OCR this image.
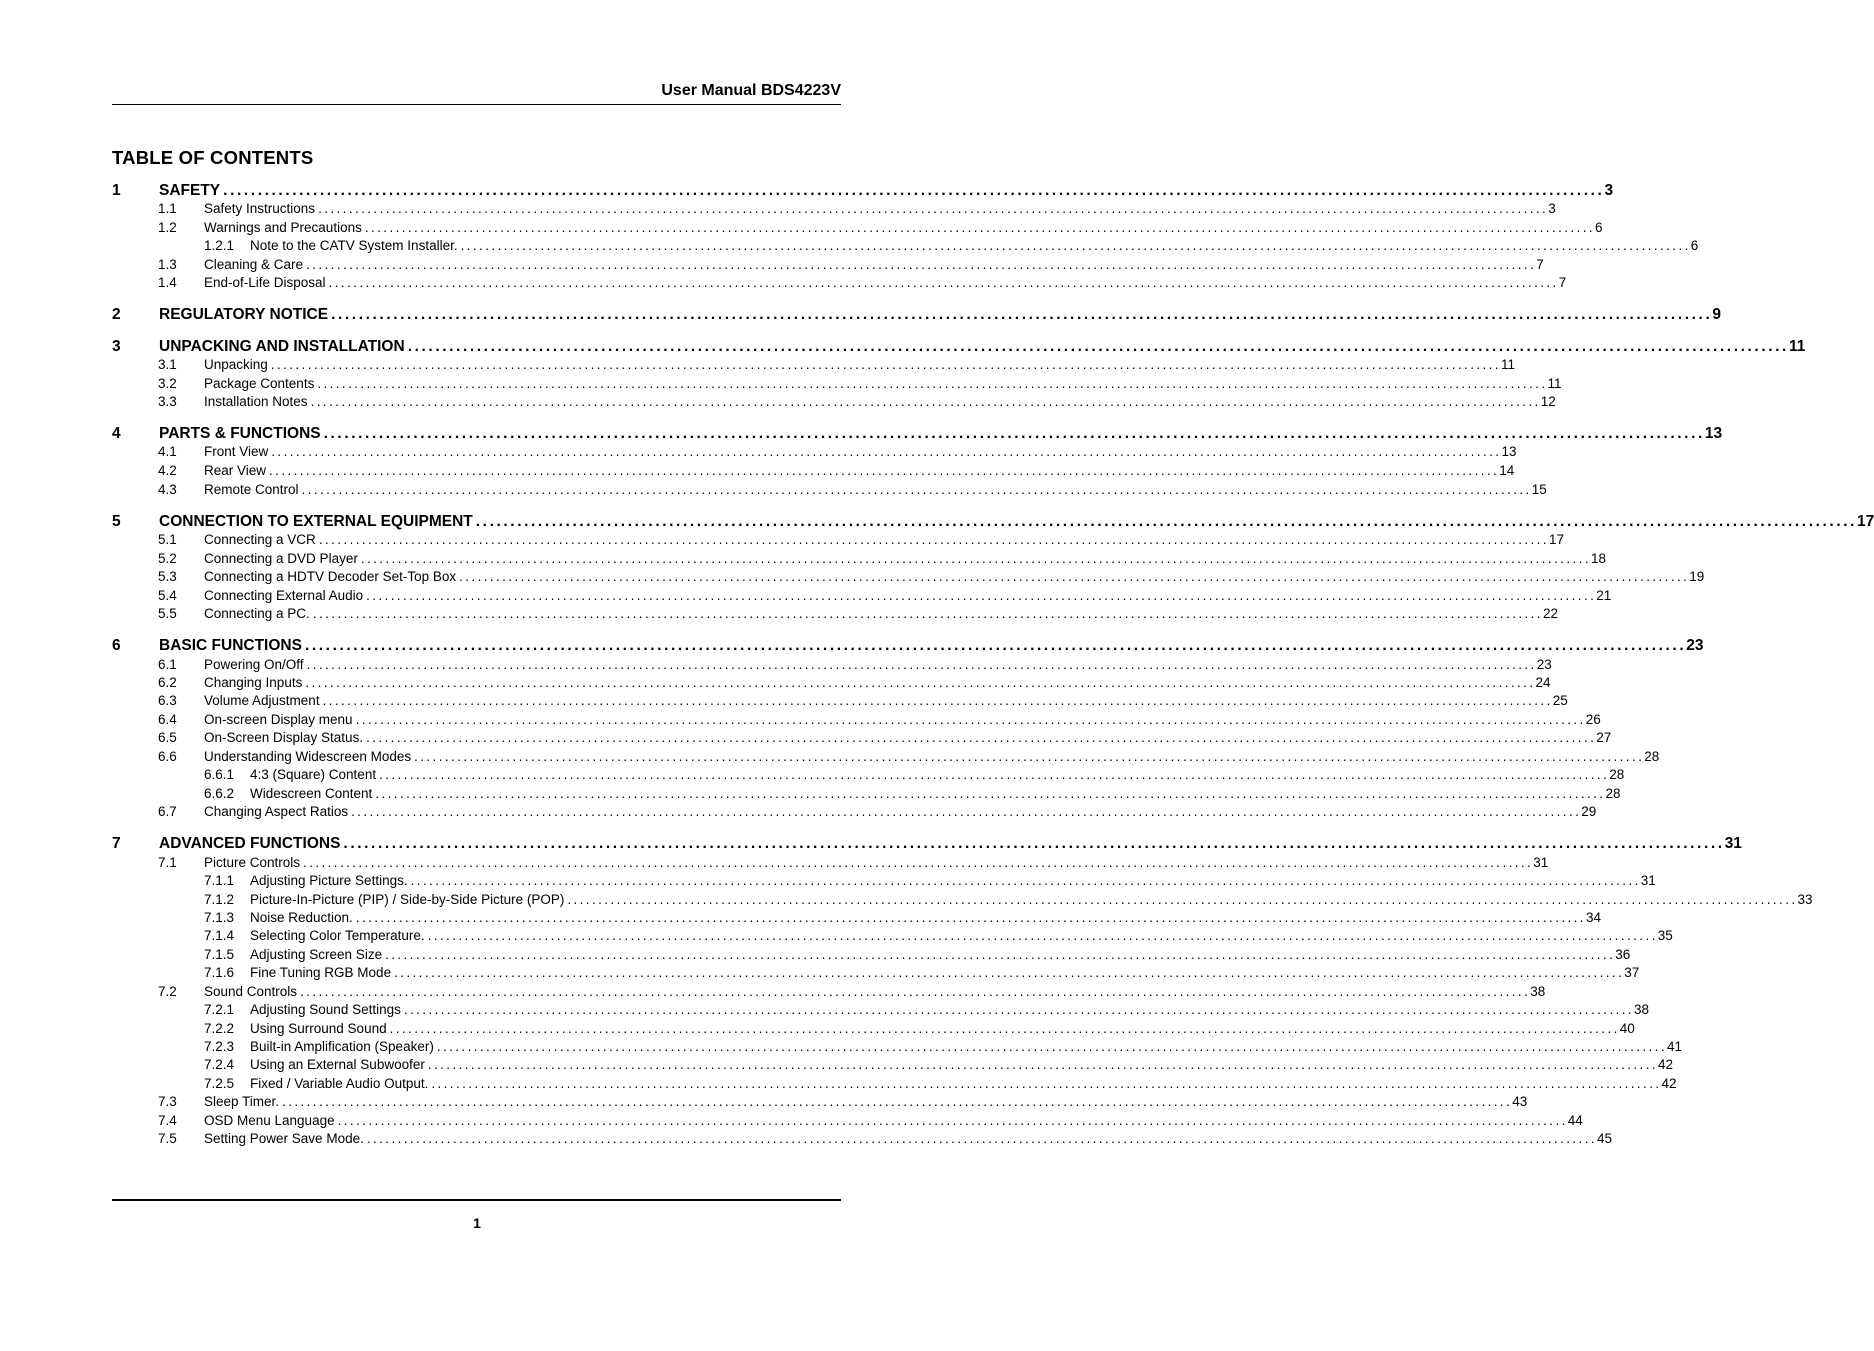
User Manual BDS4223V
TABLE OF CONTENTS
1	SAFETY ........................................................................................................................................................................................................ 3
1.1	Safety Instructions ........................................................................................................................................................................................................ 3
1.2	Warnings and Precautions ........................................................................................................................................................................................................ 6
1.2.1	Note to the CATV System Installer. ........................................................................................................................................................................................................ 6
1.3	Cleaning & Care ........................................................................................................................................................................................................ 7
1.4	End-of-Life Disposal ........................................................................................................................................................................................................ 7
2	REGULATORY NOTICE ........................................................................................................................................................................................................ 9
3	UNPACKING AND INSTALLATION ........................................................................................................................................................................................................ 11
3.1	Unpacking ........................................................................................................................................................................................................ 11
3.2	Package Contents ........................................................................................................................................................................................................ 11
3.3	Installation Notes ........................................................................................................................................................................................................ 12
4	PARTS & FUNCTIONS ........................................................................................................................................................................................................ 13
4.1	Front View ........................................................................................................................................................................................................ 13
4.2	Rear View ........................................................................................................................................................................................................ 14
4.3	Remote Control ........................................................................................................................................................................................................ 15
5	CONNECTION TO EXTERNAL EQUIPMENT ........................................................................................................................................................................................................ 17
5.1	Connecting a VCR ........................................................................................................................................................................................................ 17
5.2	Connecting a DVD Player ........................................................................................................................................................................................................ 18
5.3	Connecting a HDTV Decoder Set-Top Box ........................................................................................................................................................................................................ 19
5.4	Connecting External Audio ........................................................................................................................................................................................................ 21
5.5	Connecting a PC. ........................................................................................................................................................................................................ 22
6	BASIC FUNCTIONS ........................................................................................................................................................................................................ 23
6.1	Powering On/Off ........................................................................................................................................................................................................ 23
6.2	Changing Inputs ........................................................................................................................................................................................................ 24
6.3	Volume Adjustment ........................................................................................................................................................................................................ 25
6.4	On-screen Display menu ........................................................................................................................................................................................................ 26
6.5	On-Screen Display Status. ........................................................................................................................................................................................................ 27
6.6	Understanding Widescreen Modes ........................................................................................................................................................................................................ 28
6.6.1	4:3 (Square) Content ........................................................................................................................................................................................................ 28
6.6.2	Widescreen Content ........................................................................................................................................................................................................ 28
6.7	Changing Aspect Ratios ........................................................................................................................................................................................................ 29
7	ADVANCED FUNCTIONS ........................................................................................................................................................................................................ 31
7.1	Picture Controls ........................................................................................................................................................................................................ 31
7.1.1	Adjusting Picture Settings. ........................................................................................................................................................................................................ 31
7.1.2	Picture-In-Picture (PIP) / Side-by-Side Picture (POP) ........................................................................................................................................................................................................ 33
7.1.3	Noise Reduction. ........................................................................................................................................................................................................ 34
7.1.4	Selecting Color Temperature. ........................................................................................................................................................................................................ 35
7.1.5	Adjusting Screen Size ........................................................................................................................................................................................................ 36
7.1.6	Fine Tuning RGB Mode ........................................................................................................................................................................................................ 37
7.2	Sound Controls ........................................................................................................................................................................................................ 38
7.2.1	Adjusting Sound Settings ........................................................................................................................................................................................................ 38
7.2.2	Using Surround Sound ........................................................................................................................................................................................................ 40
7.2.3	Built-in Amplification (Speaker) ........................................................................................................................................................................................................ 41
7.2.4	Using an External Subwoofer ........................................................................................................................................................................................................ 42
7.2.5	Fixed / Variable Audio Output. ........................................................................................................................................................................................................ 42
7.3	Sleep Timer. ........................................................................................................................................................................................................ 43
7.4	OSD Menu Language ........................................................................................................................................................................................................ 44
7.5	Setting Power Save Mode. ........................................................................................................................................................................................................ 45
1
